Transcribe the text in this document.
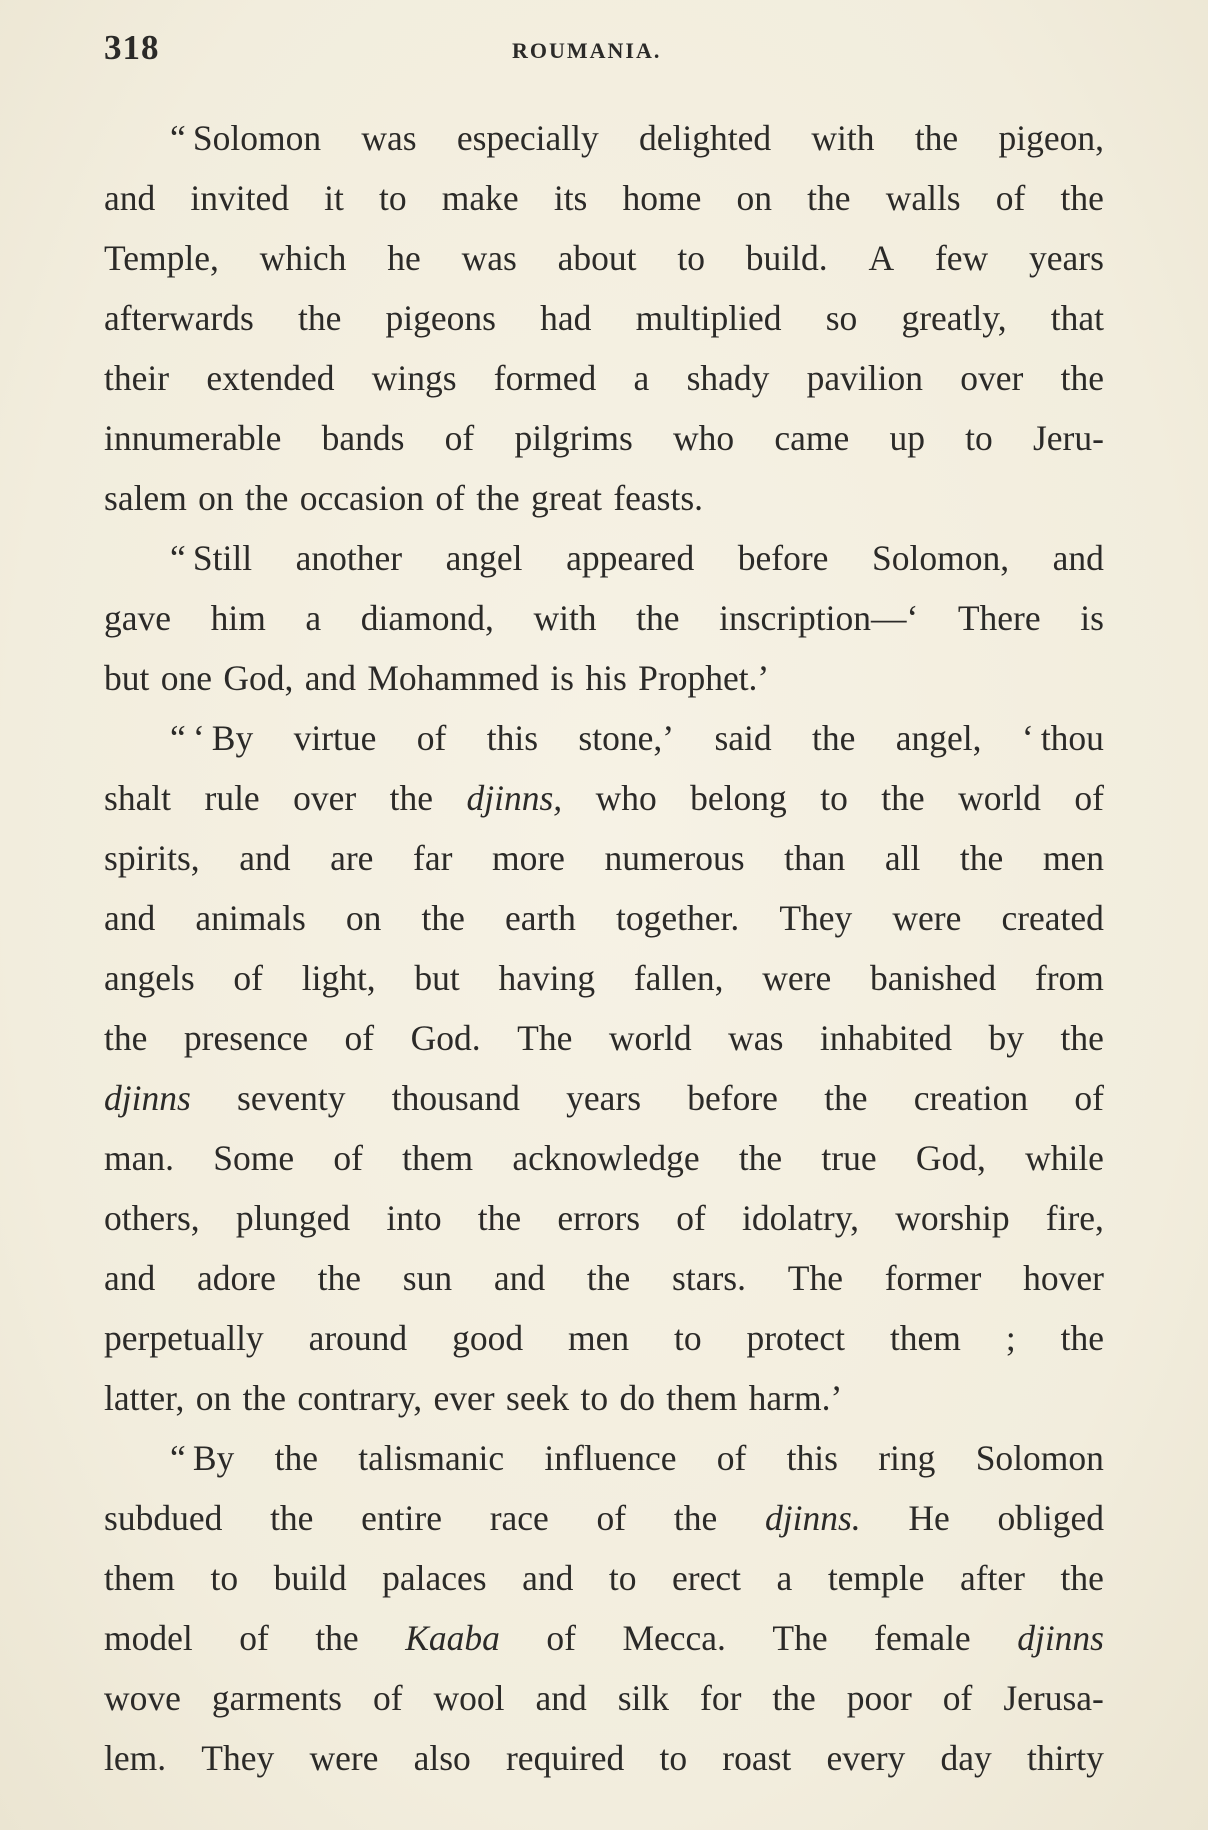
318	ROUMANIA.
“ Solomon was especially delighted with the pigeon,
and invited it to make its home on the walls of the
Temple, which he was about to build. A few years
afterwards the pigeons had multiplied so greatly, that
their extended wings formed a shady pavilion over the
innumerable bands of pilgrims who came up to Jeru-
salem on the occasion of the great feasts.
“ Still another angel appeared before Solomon, and
gave him a diamond, with the inscription—‘ There is
but one God, and Mohammed is his Prophet.’
“ ‘ By virtue of this stone,’ said the angel, ‘ thou
shalt rule over the djinns, who belong to the world of
spirits, and are far more numerous than all the men
and animals on the earth together. They were created
angels of light, but having fallen, were banished from
the presence of God. The world was inhabited by the
djinns seventy thousand years before the creation of
man. Some of them acknowledge the true God, while
others, plunged into the errors of idolatry, worship fire,
and adore the sun and the stars. The former hover
perpetually around good men to protect them ; the
latter, on the contrary, ever seek to do them harm.’
“ By the talismanic influence of this ring Solomon
subdued the entire race of the djinns. He obliged
them to build palaces and to erect a temple after the
model of the Kaaba of Mecca. The female djinns
wove garments of wool and silk for the poor of Jerusa-
lem. They were also required to roast every day thirty
